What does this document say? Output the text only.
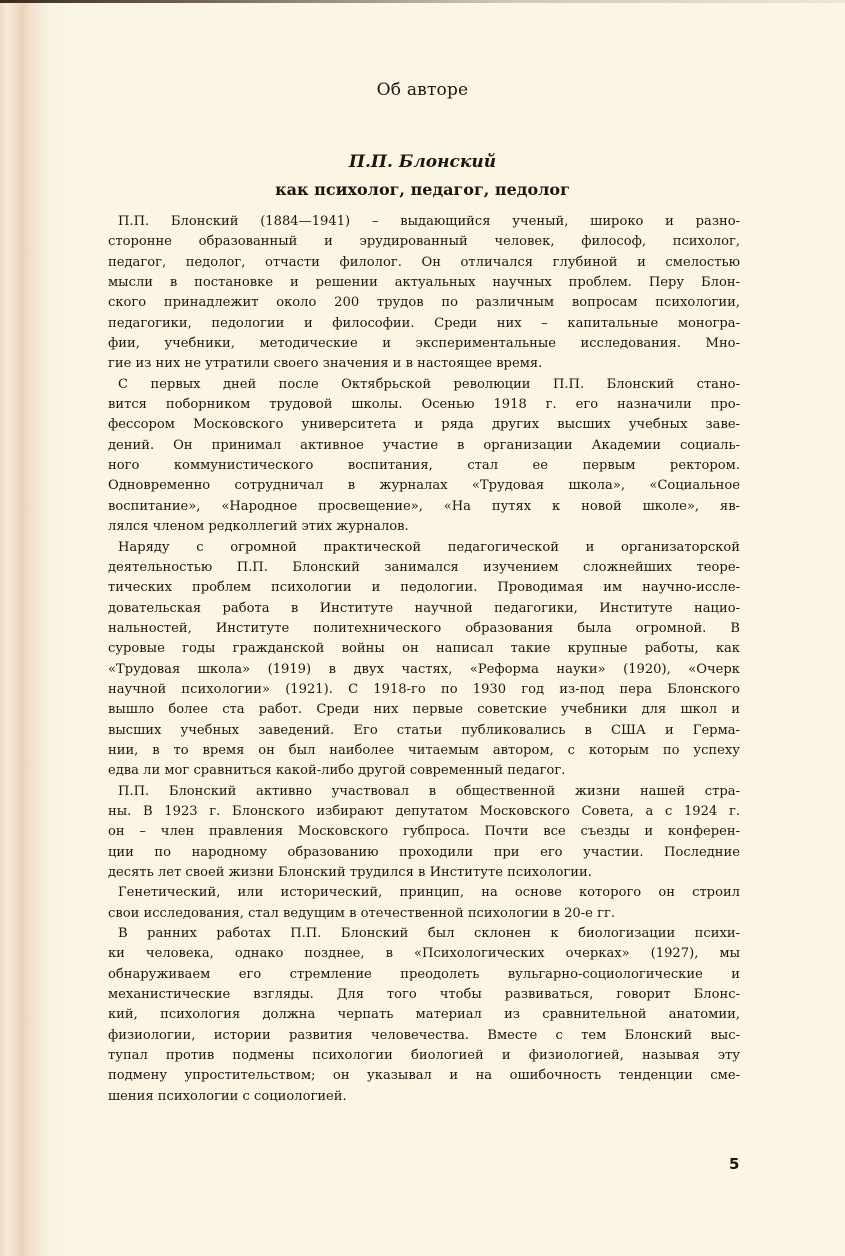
Об авторе
П.П. Блонский
как психолог, педагог, педолог
П.П. Блонский (1884—1941) – выдающийся ученый, широко и разно-
сторонне образованный и эрудированный человек, философ, психолог,
педагог, педолог, отчасти филолог. Он отличался глубиной и смелостью
мысли в постановке и решении актуальных научных проблем. Перу Блон-
ского принадлежит около 200 трудов по различным вопросам психологии,
педагогики, педологии и философии. Среди них – капитальные моногра-
фии, учебники, методические и экспериментальные исследования. Мно-
гие из них не утратили своего значения и в настоящее время.
С первых дней после Октябрьской революции П.П. Блонский стано-
вится поборником трудовой школы. Осенью 1918 г. его назначили про-
фессором Московского университета и ряда других высших учебных заве-
дений. Он принимал активное участие в организации Академии социаль-
ного коммунистического воспитания, стал ее первым ректором.
Одновременно сотрудничал в журналах «Трудовая школа», «Социальное
воспитание», «Народное просвещение», «На путях к новой школе», яв-
лялся членом редколлегий этих журналов.
Наряду с огромной практической педагогической и организаторской
деятельностью П.П. Блонский занимался изучением сложнейших теоре-
тических проблем психологии и педологии. Проводимая им научно-иссле-
довательская работа в Институте научной педагогики, Институте нацио-
нальностей, Институте политехнического образования была огромной. В
суровые годы гражданской войны он написал такие крупные работы, как
«Трудовая школа» (1919) в двух частях, «Реформа науки» (1920), «Очерк
научной психологии» (1921). С 1918-го по 1930 год из-под пера Блонского
вышло более ста работ. Среди них первые советские учебники для школ и
высших учебных заведений. Его статьи публиковались в США и Герма-
нии, в то время он был наиболее читаемым автором, с которым по успеху
едва ли мог сравниться какой-либо другой современный педагог.
П.П. Блонский активно участвовал в общественной жизни нашей стра-
ны. В 1923 г. Блонского избирают депутатом Московского Совета, а с 1924 г.
он – член правления Московского губпроса. Почти все съезды и конферен-
ции по народному образованию проходили при его участии. Последние
десять лет своей жизни Блонский трудился в Институте психологии.
Генетический, или исторический, принцип, на основе которого он строил
свои исследования, стал ведущим в отечественной психологии в 20-е гг.
В ранних работах П.П. Блонский был склонен к биологизации психи-
ки человека, однако позднее, в «Психологических очерках» (1927), мы
обнаруживаем его стремление преодолеть вульгарно-социологические и
механистические взгляды. Для того чтобы развиваться, говорит Блонс-
кий, психология должна черпать материал из сравнительной анатомии,
физиологии, истории развития человечества. Вместе с тем Блонский выс-
тупал против подмены психологии биологией и физиологией, называя эту
подмену упростительством; он указывал и на ошибочность тенденции сме-
шения психологии с социологией.
5
